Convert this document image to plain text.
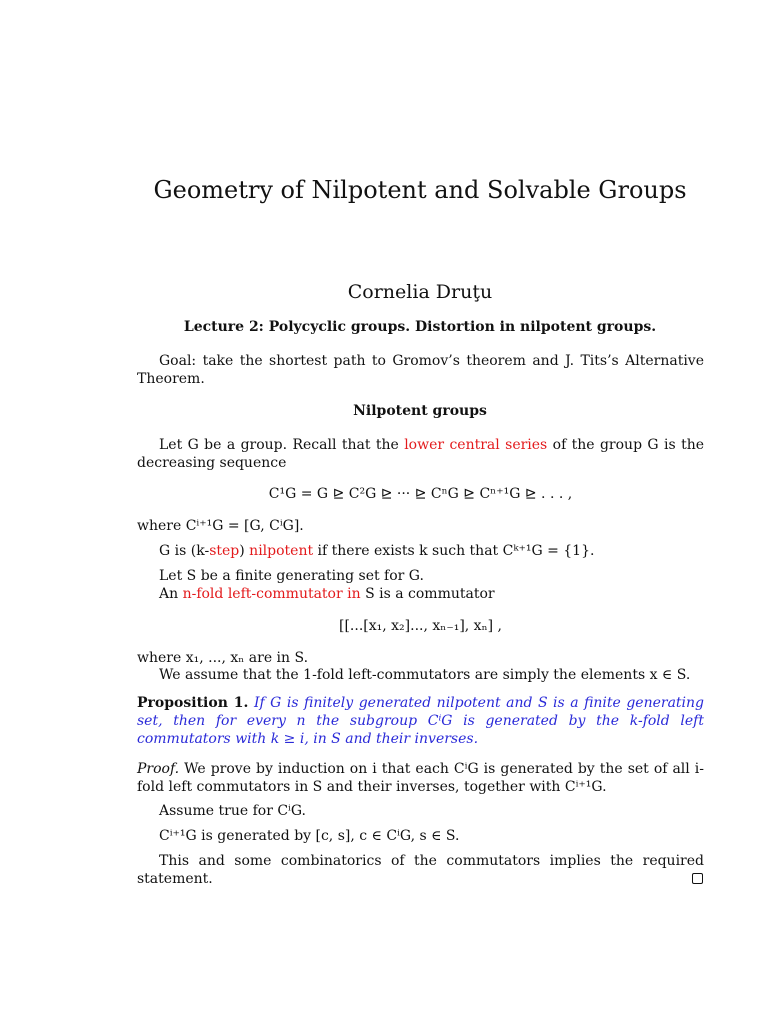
Geometry of Nilpotent and Solvable Groups
Cornelia Druţu
Lecture 2: Polycyclic groups. Distortion in nilpotent groups.
Goal: take the shortest path to Gromov’s theorem and J. Tits’s Alternative Theorem.
Nilpotent groups
Let G be a group. Recall that the lower central series of the group G is the decreasing sequence
C¹G = G ⊵ C²G ⊵ ··· ⊵ CⁿG ⊵ Cⁿ⁺¹G ⊵ . . . ,
where Cⁱ⁺¹G = [G, CⁱG].
G is (k-step) nilpotent if there exists k such that Cᵏ⁺¹G = {1}.
Let S be a finite generating set for G.
An n-fold left-commutator in S is a commutator
[[...[x₁, x₂]..., xₙ₋₁], xₙ] ,
where x₁, ..., xₙ are in S.
We assume that the 1-fold left-commutators are simply the elements x ∈ S.
Proposition 1. If G is finitely generated nilpotent and S is a finite generating set, then for every n the subgroup CⁱG is generated by the k-fold left commutators with k ≥ i, in S and their inverses.
Proof. We prove by induction on i that each CⁱG is generated by the set of all i-fold left commutators in S and their inverses, together with Cⁱ⁺¹G.
Assume true for CⁱG.
Cⁱ⁺¹G is generated by [c, s], c ∈ CⁱG, s ∈ S.
This and some combinatorics of the commutators implies the required statement.
